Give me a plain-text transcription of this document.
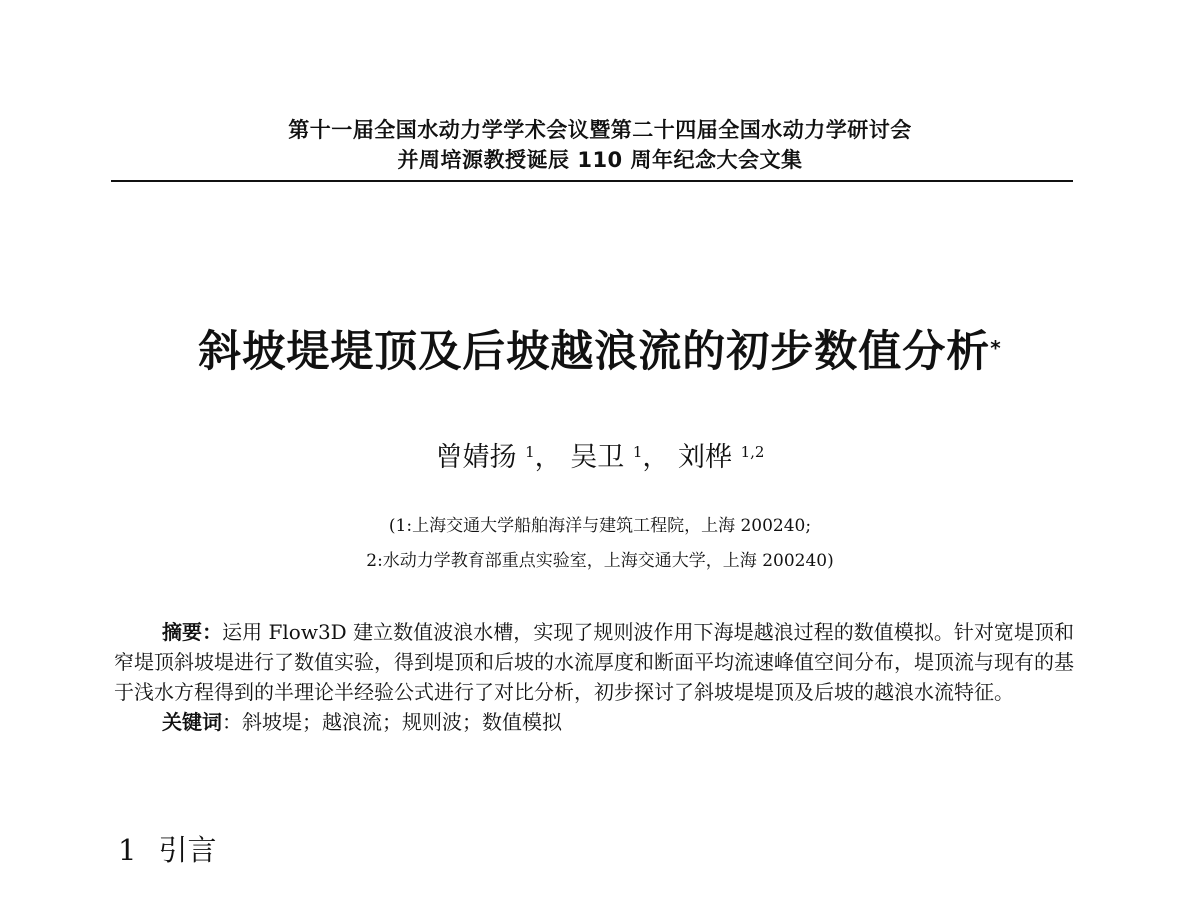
第十一届全国水动力学学术会议暨第二十四届全国水动力学研讨会
并周培源教授诞辰 110 周年纪念大会文集
斜坡堤堤顶及后坡越浪流的初步数值分析*
曾婧扬 $^1$， 吴卫 $^1$， 刘桦 $^{1,2}$
(1:上海交通大学船舶海洋与建筑工程院，上海 200240;
2:水动力学教育部重点实验室，上海交通大学，上海 200240)

摘要：运用 Flow3D 建立数值波浪水槽，实现了规则波作用下海堤越浪过程的数值模拟。针对宽堤顶和窄堤顶斜坡堤进行了数值实验，得到堤顶和后坡的水流厚度和断面平均流速峰值空间分布，堤顶流与现有的基于浅水方程得到的半理论半经验公式进行了对比分析，初步探讨了斜坡堤堤顶及后坡的越浪水流特征。

关键词：斜坡堤；越浪流；规则波；数值模拟
1 引言
